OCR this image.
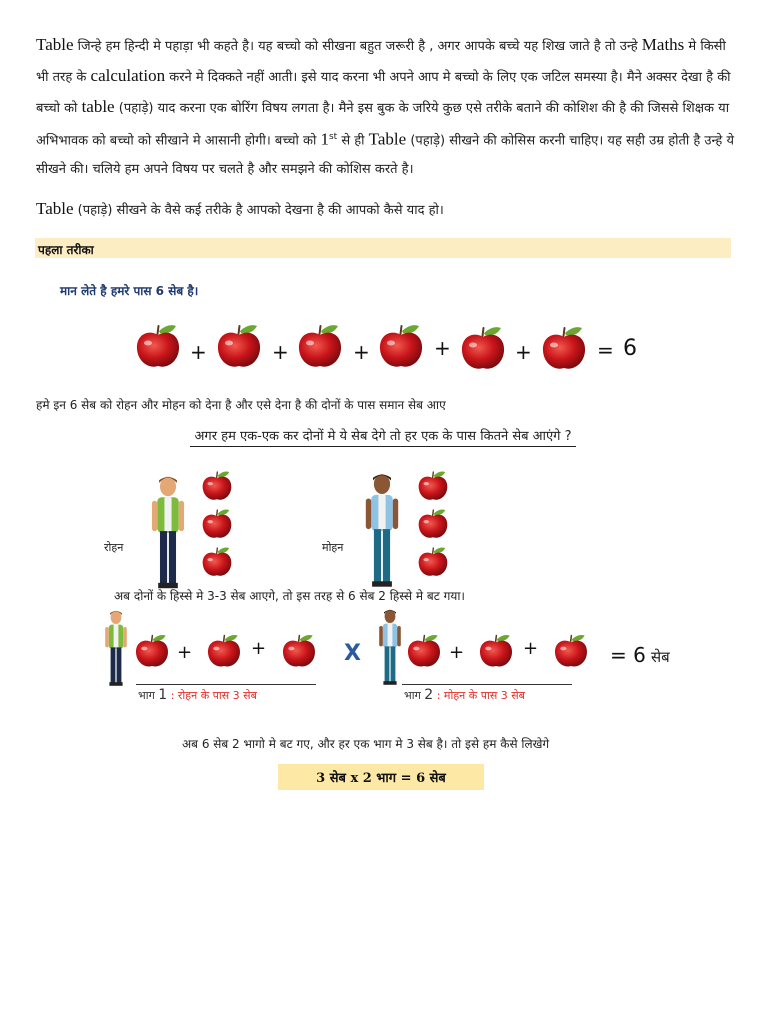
Table जिन्हे हम हिन्दी मे पहाड़ा भी कहते है। यह बच्चो को सीखना बहुत जरूरी है , अगर आपके बच्चे यह शिख जाते है तो उन्हे Maths मे किसी भी तरह के calculation करने मे दिक्कते नहीं आती। इसे याद करना भी अपने आप मे बच्चो के लिए एक जटिल समस्या है। मैने अक्सर देखा है की बच्चो को table (पहाड़े) याद करना एक बोरिंग विषय लगता है। मैने इस बुक के जरिये कुछ एसे तरीके बताने की कोशिश की है की जिससे शिक्षक या अभिभावक को बच्चो को सीखाने मे आसानी होगी। बच्चो को 1st से ही Table (पहाड़े) सीखने की कोसिस करनी चाहिए। यह सही उम्र होती है उन्हे ये सीखने की। चलिये हम अपने विषय पर चलते है और समझने की कोशिस करते है।
Table (पहाड़े) सीखने के वैसे कई तरीके है आपको देखना है की आपको कैसे याद हो।
पहला तरीका
मान लेते है हमरे पास 6 सेब है।
+	+	+	+	+	= 6
हमे इन 6 सेब को रोहन और मोहन को देना है और एसे देना है की दोनों के पास समान सेब आए
अगर हम एक-एक कर दोनों मे ये सेब देगे तो हर एक के पास कितने सेब आएंगे ?
रोहन	मोहन
अब दोनों के हिस्से मे 3-3 सेब आएगे, तो इस तरह से 6 सेब 2 हिस्से मे बट गया।
+	+
भाग 1 : रोहन के पास 3 सेब
X	+	+
भाग 2 : मोहन के पास 3 सेब
= 6 सेब
अब 6 सेब 2 भागो मे बट गए, और हर एक भाग मे 3 सेब है। तो इसे हम कैसे लिखेगे
3 सेब x 2 भाग = 6 सेब
